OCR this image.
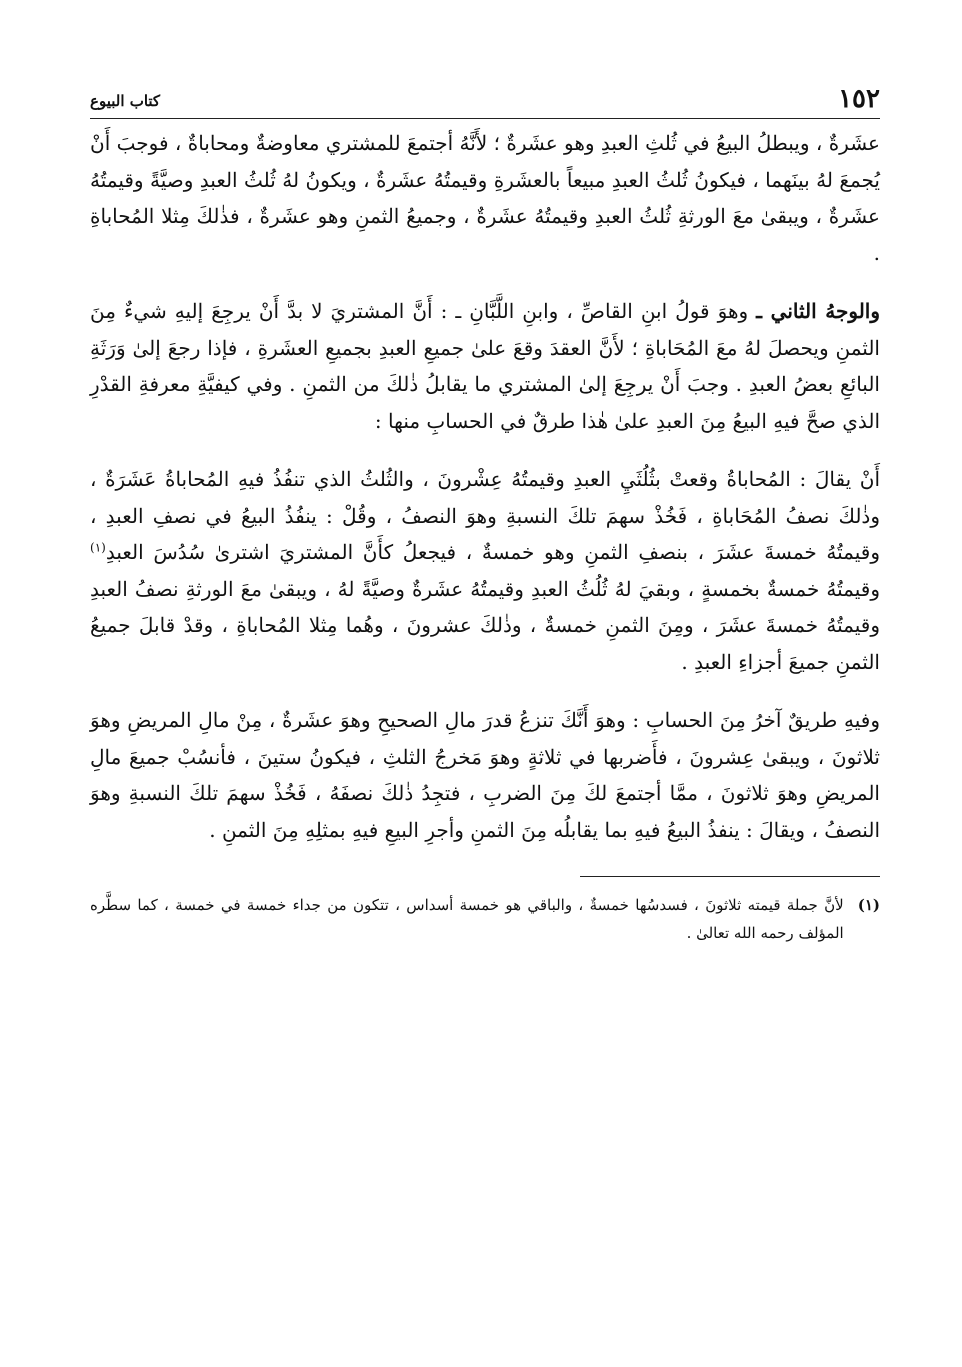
١٥٢
كتاب البيوع

عشَرةٌ ، ويبطلُ البيعُ في ثُلثِ العبدِ وهو عشَرةٌ ؛ لأَنَّهُ أجتمعَ للمشتري معاوضةٌ ومحاباةٌ ، فوجبَ أَنْ يُجمعَ لهُ بينَهما ، فيكونُ ثُلثُ العبدِ مبيعاً بالعشَرةِ وقيمتُهُ عشَرةٌ ، ويكونُ لهُ ثُلثُ العبدِ وصيَّةً وقيمتُهُ عشَرةٌ ، ويبقىٰ معَ الورثةِ ثُلثُ العبدِ وقيمتُهُ عشَرةٌ ، وجميعُ الثمنِ وهو عشَرةٌ ، فذٰلكَ مِثلا المُحاباةِ .

والوجهُ الثاني ـ وهوَ قولُ ابنِ القاصِّ ، وابنِ اللَّبَّانِ ـ : أَنَّ المشتريَ لا بدَّ أَنْ يرجِعَ إليهِ شيءٌ مِنَ الثمنِ ويحصلَ لهُ معَ المُحَاباةِ ؛ لأَنَّ العقدَ وقعَ علىٰ جميعِ العبدِ بجميعِ العشَرةِ ، فإذا رجعَ إلىٰ وَرَثَةِ البائعِ بعضُ العبدِ . وجبَ أَنْ يرجِعَ إلىٰ المشتري ما يقابلُ ذٰلكَ من الثمنِ . وفي كيفيَّةِ معرفةِ القدْرِ الذي صحَّ فيهِ البيعُ مِنَ العبدِ علىٰ هٰذا طرقٌ في الحسابِ منها :

أَنْ يقالَ : المُحاباةُ وقعتْ بثُلُثَيِ العبدِ وقيمتُهُ عِشْرونَ ، والثُلثُ الذي تنفُذُ فيهِ المُحاباةُ عَشَرَةٌ ، وذٰلكَ نصفُ المُحَاباةِ ، فَخُذْ سهمَ تلكَ النسبةِ وهوَ النصفُ ، وقُلْ : ينفُذُ البيعُ في نصفِ العبدِ ، وقيمتُهُ خمسةَ عشَرَ ، بنصفِ الثمنِ وهو خمسةٌ ، فيجعلُ كأَنَّ المشتريَ اشترىٰ سُدُسَ العبدِ$^{(١)}$ وقيمتُهُ خمسةٌ بخمسةٍ ، وبقيَ لهُ ثُلُثُ العبدِ وقيمتُهُ عشَرةٌ وصيَّةً لهُ ، ويبقىٰ معَ الورثةِ نصفُ العبدِ وقيمتُهُ خمسةَ عشَرَ ، ومِنَ الثمنِ خمسةٌ ، وذٰلكَ عشرونَ ، وهُما مِثلا المُحاباةِ ، وقدْ قابلَ جميعُ الثمنِ جميعَ أجزاءِ العبدِ .

وفيهِ طريقٌ آخرُ مِنَ الحسابِ : وهوَ أَنَّكَ تنزعُ قدرَ مالِ الصحيحِ وهوَ عشَرةٌ ، مِنْ مالِ المريضِ وهوَ ثلاثونَ ، ويبقىٰ عِشرونَ ، فأَضربها في ثلاثةٍ وهوَ مَخرجُ الثلثِ ، فيكونُ ستينَ ، فأنسُبْ جميعَ مالِ المريضِ وهوَ ثلاثونَ ، ممَّا أجتمعَ لكَ مِنَ الضربِ ، فتجِدُ ذٰلكَ نصفَهُ ، فَخُذْ سهمَ تلكَ النسبةِ وهوَ النصفُ ، ويقالَ : ينفذُ البيعُ فيهِ بما يقابلُه مِنَ الثمنِ وأجرِ البيعِ فيهِ بمثلِهِ مِنَ الثمنِ .

(١)
لأنَّ جملة قيمته ثلاثونَ ، فسدسُها خمسةٌ ، والباقي هو خمسة أسداس ، تتكون من جداء خمسة في خمسة ، كما سطَّره المؤلف رحمه الله تعالىٰ .
